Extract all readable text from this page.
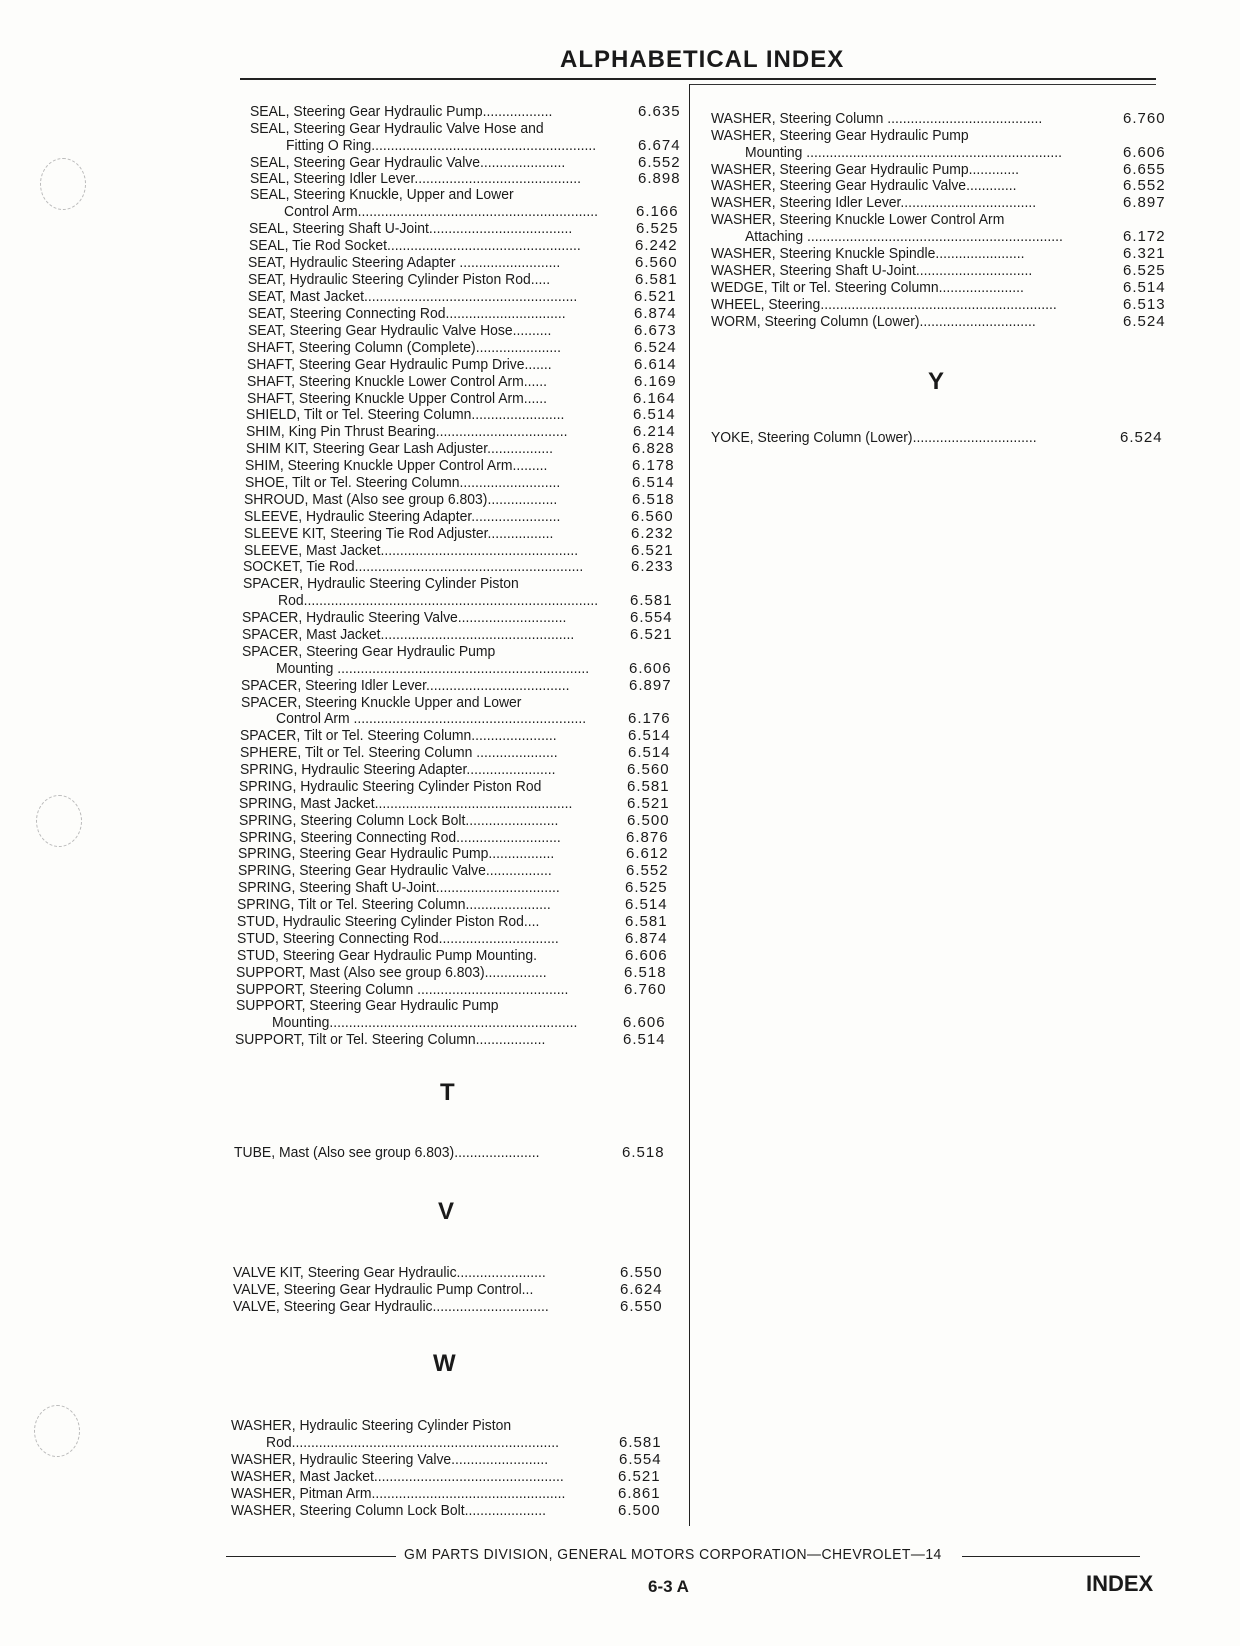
ALPHABETICAL INDEX
SEAL, Steering Gear Hydraulic Pump..................	6.635
SEAL, Steering Gear Hydraulic Valve Hose and
Fitting O Ring..........................................................	6.674
SEAL, Steering Gear Hydraulic Valve......................	6.552
SEAL, Steering Idler Lever...........................................	6.898
SEAL, Steering Knuckle, Upper and Lower
Control Arm..............................................................	6.166
SEAL, Steering Shaft U-Joint.....................................	6.525
SEAL, Tie Rod Socket..................................................	6.242
SEAT, Hydraulic Steering Adapter ..........................	6.560
SEAT, Hydraulic Steering Cylinder Piston Rod.....	6.581
SEAT, Mast Jacket.......................................................	6.521
SEAT, Steering Connecting Rod...............................	6.874
SEAT, Steering Gear Hydraulic Valve Hose..........	6.673
SHAFT, Steering Column (Complete)......................	6.524
SHAFT, Steering Gear Hydraulic Pump Drive.......	6.614
SHAFT, Steering Knuckle Lower Control Arm......	6.169
SHAFT, Steering Knuckle Upper Control Arm......	6.164
SHIELD, Tilt or Tel. Steering Column........................	6.514
SHIM, King Pin Thrust Bearing..................................	6.214
SHIM KIT, Steering Gear Lash Adjuster.................	6.828
SHIM, Steering Knuckle Upper Control Arm.........	6.178
SHOE, Tilt or Tel. Steering Column..........................	6.514
SHROUD, Mast (Also see group 6.803)..................	6.518
SLEEVE, Hydraulic Steering Adapter.......................	6.560
SLEEVE KIT, Steering Tie Rod Adjuster.................	6.232
SLEEVE, Mast Jacket...................................................	6.521
SOCKET, Tie Rod...........................................................	6.233
SPACER, Hydraulic Steering Cylinder Piston
Rod............................................................................ 6.581
SPACER, Hydraulic Steering Valve............................	6.554
SPACER, Mast Jacket..................................................	6.521
SPACER, Steering Gear Hydraulic Pump
Mounting .................................................................	6.606
SPACER, Steering Idler Lever.....................................	6.897
SPACER, Steering Knuckle Upper and Lower
Control Arm ............................................................	6.176
SPACER, Tilt or Tel. Steering Column......................	6.514
SPHERE, Tilt or Tel. Steering Column .....................	6.514
SPRING, Hydraulic Steering Adapter.......................	6.560
SPRING, Hydraulic Steering Cylinder Piston Rod	6.581
SPRING, Mast Jacket...................................................	6.521
SPRING, Steering Column Lock Bolt........................	6.500
SPRING, Steering Connecting Rod...........................	6.876
SPRING, Steering Gear Hydraulic Pump.................	6.612
SPRING, Steering Gear Hydraulic Valve.................	6.552
SPRING, Steering Shaft U-Joint................................	6.525
SPRING, Tilt or Tel. Steering Column......................	6.514
STUD, Hydraulic Steering Cylinder Piston Rod....	6.581
STUD, Steering Connecting Rod...............................	6.874
STUD, Steering Gear Hydraulic Pump Mounting.	6.606
SUPPORT, Mast (Also see group 6.803)................	6.518
SUPPORT, Steering Column .......................................	6.760
SUPPORT, Steering Gear Hydraulic Pump
Mounting................................................................	6.606
SUPPORT, Tilt or Tel. Steering Column..................	6.514
T
TUBE, Mast (Also see group 6.803)......................	6.518
V
VALVE KIT, Steering Gear Hydraulic.......................	6.550
VALVE, Steering Gear Hydraulic Pump Control...	6.624
VALVE, Steering Gear Hydraulic..............................	6.550
W
WASHER, Hydraulic Steering Cylinder Piston
Rod.....................................................................	6.581
WASHER, Hydraulic Steering Valve.........................	6.554
WASHER, Mast Jacket.................................................	6.521
WASHER, Pitman Arm..................................................	6.861
WASHER, Steering Column Lock Bolt.....................	6.500
WASHER, Steering Column ........................................	6.760
WASHER, Steering Gear Hydraulic Pump
Mounting ..................................................................	6.606
WASHER, Steering Gear Hydraulic Pump.............	6.655
WASHER, Steering Gear Hydraulic Valve.............	6.552
WASHER, Steering Idler Lever...................................	6.897
WASHER, Steering Knuckle Lower Control Arm
Attaching ..................................................................	6.172
WASHER, Steering Knuckle Spindle.......................	6.321
WASHER, Steering Shaft U-Joint..............................	6.525
WEDGE, Tilt or Tel. Steering Column......................	6.514
WHEEL, Steering.............................................................	6.513
WORM, Steering Column (Lower)..............................	6.524
Y
YOKE, Steering Column (Lower)................................	6.524
GM PARTS DIVISION, GENERAL MOTORS CORPORATION—CHEVROLET—14
6-3 A	INDEX
